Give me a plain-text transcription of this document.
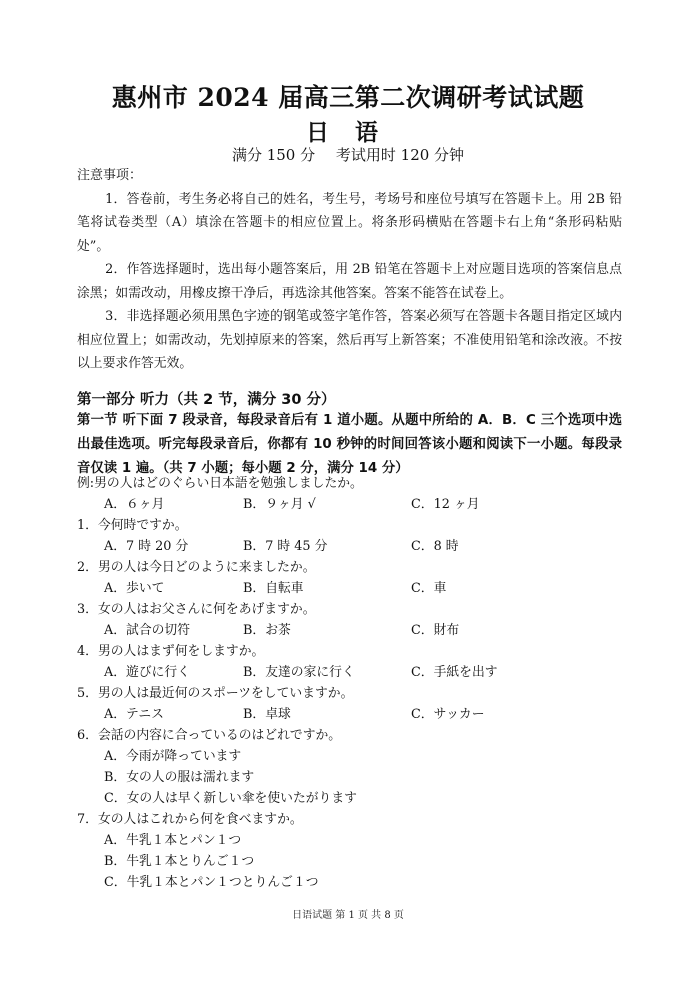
惠州市 2024 届高三第二次调研考试试题
日语
满分 150 分 考试用时 120 分钟
注意事项：

1．答卷前，考生务必将自己的姓名，考生号，考场号和座位号填写在答题卡上。用 2B 铅笔将试卷类型（A）填涂在答题卡的相应位置上。将条形码横贴在答题卡右上角“条形码粘贴处”。

2．作答选择题时，选出每小题答案后，用 2B 铅笔在答题卡上对应题目选项的答案信息点涂黑；如需改动，用橡皮擦干净后，再选涂其他答案。答案不能答在试卷上。

3．非选择题必须用黑色字迹的钢笔或签字笔作答，答案必须写在答题卡各题目指定区域内相应位置上；如需改动，先划掉原来的答案，然后再写上新答案；不准使用铅笔和涂改液。不按以上要求作答无效。

第一部分 听力（共 2 节，满分 30 分）
第一节 听下面 7 段录音，每段录音后有 1 道小题。从题中所给的 A．B．C 三个选项中选出最佳选项。听完每段录音后，你都有 10 秒钟的时间回答该小题和阅读下一小题。每段录音仅读 1 遍。（共 7 小题；每小题 2 分，满分 14 分）
例:男の人はどのぐらい日本語を勉強しましたか。
A．６ヶ月	B．９ヶ月 √	C．12 ヶ月
1．今何時ですか。
A．7 時 20 分	B．7 時 45 分	C．8 時
2．男の人は今日どのように来ましたか。
A．歩いて	B．自転車	C．車
3．女の人はお父さんに何をあげますか。
A．試合の切符	B．お茶	C．財布
4．男の人はまず何をしますか。
A．遊びに行く	B．友達の家に行く	C．手紙を出す
5．男の人は最近何のスポーツをしていますか。
A．テニス	B．卓球	C．サッカー
6．会話の内容に合っているのはどれですか。
A．今雨が降っています
B．女の人の服は濡れます
C．女の人は早く新しい傘を使いたがります
7．女の人はこれから何を食べますか。
A．牛乳１本とパン１つ
B．牛乳１本とりんご１つ
C．牛乳１本とパン１つとりんご１つ
日语试题 第 1 页 共 8 页
